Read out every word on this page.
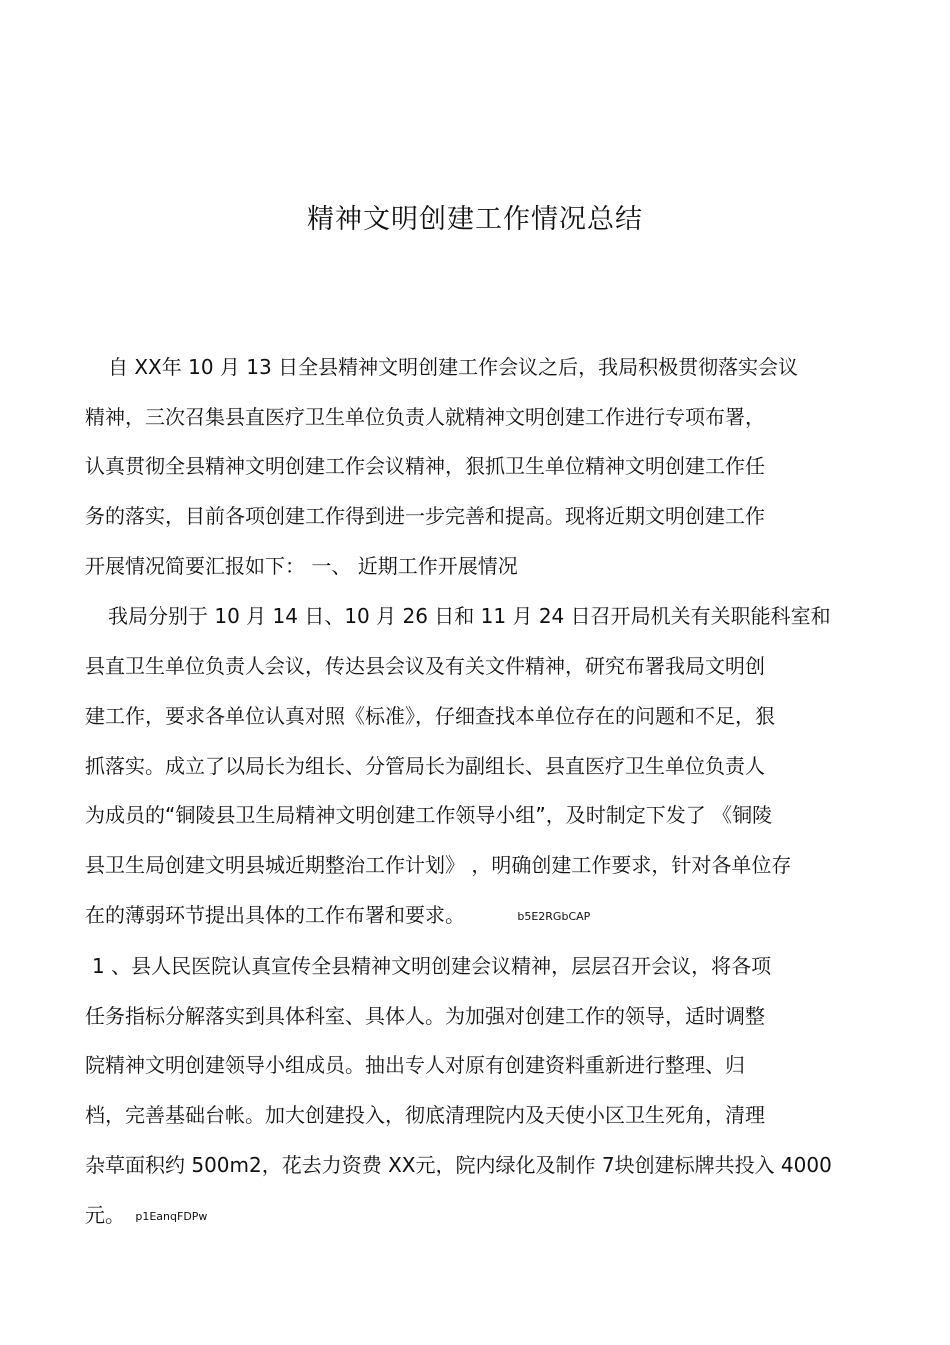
精神文明创建工作情况总结
自 XX年 10 月 13 日全县精神文明创建工作会议之后，我局积极贯彻落实会议
精神，三次召集县直医疗卫生单位负责人就精神文明创建工作进行专项布署，
认真贯彻全县精神文明创建工作会议精神，狠抓卫生单位精神文明创建工作任
务的落实，目前各项创建工作得到进一步完善和提高。现将近期文明创建工作
开展情况简要汇报如下： 一、 近期工作开展情况
我局分别于 10 月 14 日、10 月 26 日和 11 月 24 日召开局机关有关职能科室和
县直卫生单位负责人会议，传达县会议及有关文件精神，研究布署我局文明创
建工作，要求各单位认真对照《标准》，仔细查找本单位存在的问题和不足，狠
抓落实。成立了以局长为组长、分管局长为副组长、县直医疗卫生单位负责人
为成员的“铜陵县卫生局精神文明创建工作领导小组”，及时制定下发了 《铜陵
县卫生局创建文明县城近期整治工作计划》 ，明确创建工作要求，针对各单位存
在的薄弱环节提出具体的工作布署和要求。	b5E2RGbCAP
1 、县人民医院认真宣传全县精神文明创建会议精神，层层召开会议，将各项
任务指标分解落实到具体科室、具体人。为加强对创建工作的领导，适时调整
院精神文明创建领导小组成员。抽出专人对原有创建资料重新进行整理、归
档，完善基础台帐。加大创建投入，彻底清理院内及天使小区卫生死角，清理
杂草面积约 500m2，花去力资费 XX元，院内绿化及制作 7块创建标牌共投入 4000
元。 p1EanqFDPw
